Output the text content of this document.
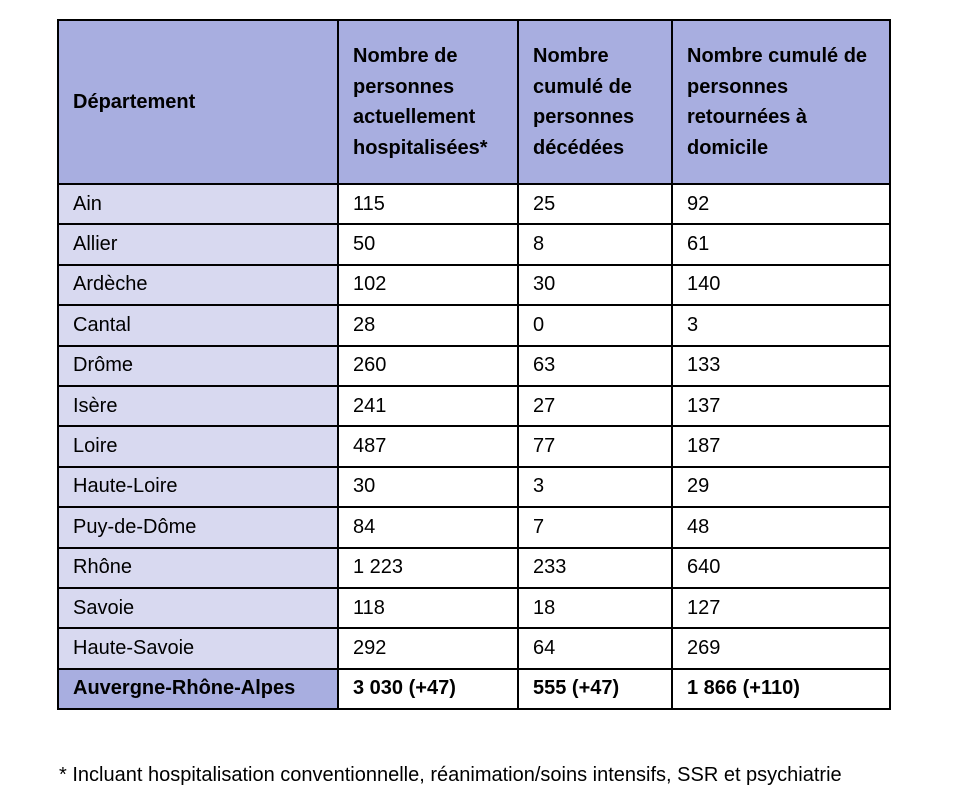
Département	Nombre de personnes actuellement hospitalisées*	Nombre cumulé de personnes décédées	Nombre cumulé de personnes retournées à domicile
Ain	115	25	92
Allier	50	8	61
Ardèche	102	30	140
Cantal	28	0	3
Drôme	260	63	133
Isère	241	27	137
Loire	487	77	187
Haute-Loire	30	3	29
Puy-de-Dôme	84	7	48
Rhône	1 223	233	640
Savoie	118	18	127
Haute-Savoie	292	64	269
Auvergne-Rhône-Alpes	3 030 (+47)	555 (+47)	1 866 (+110)
* Incluant hospitalisation conventionnelle, réanimation/soins intensifs, SSR et psychiatrie
